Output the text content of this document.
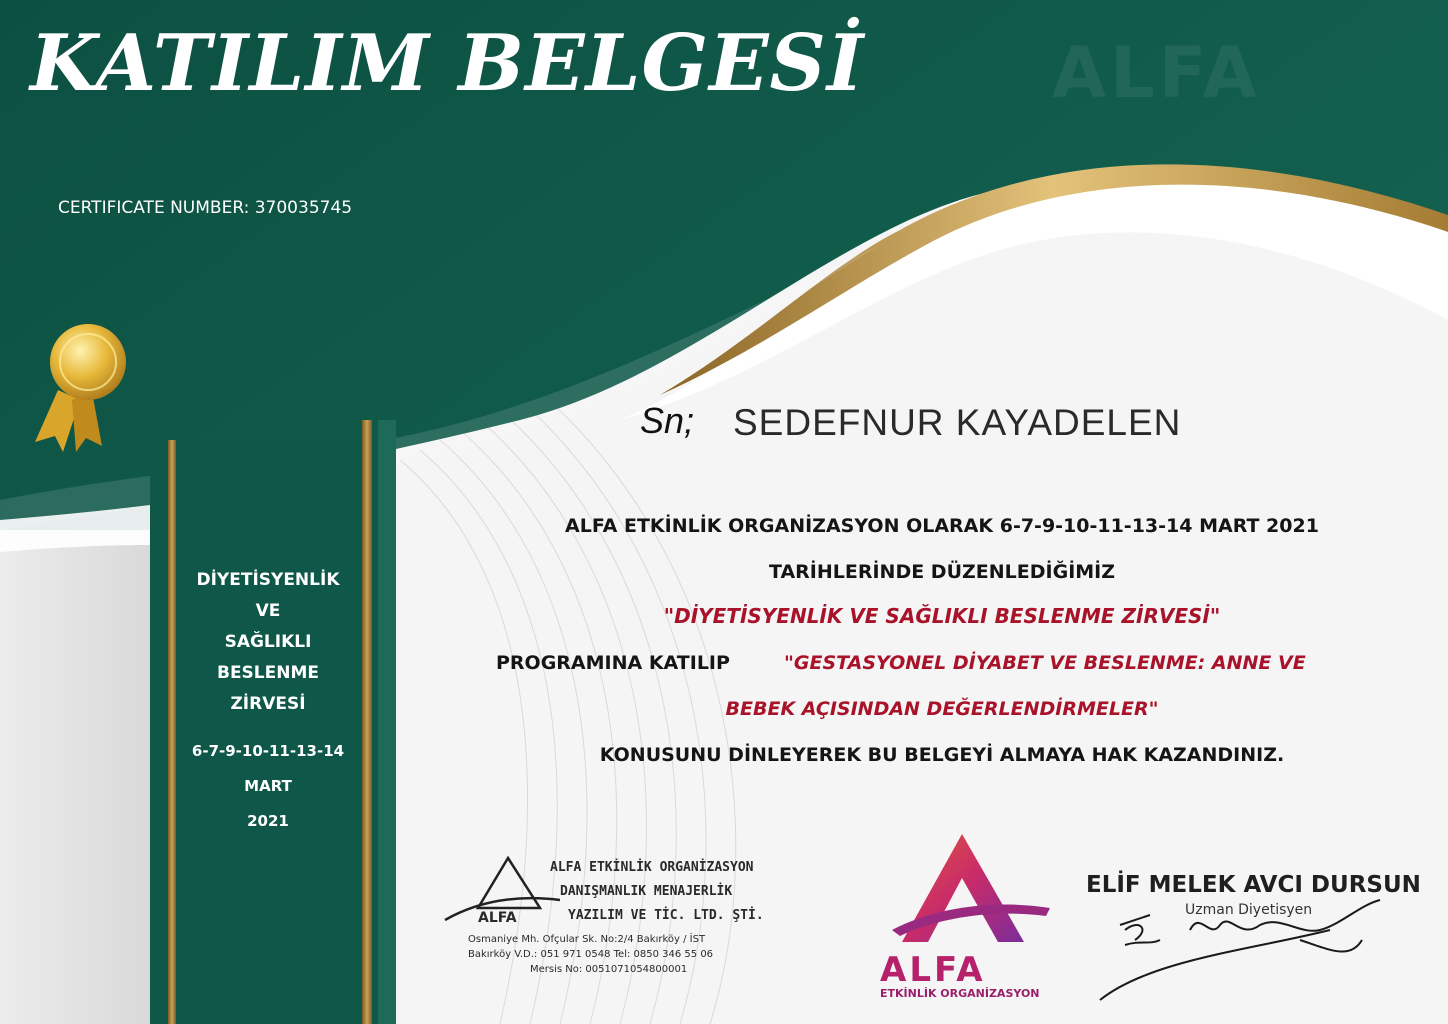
KATILIM BELGESİ	ALFA
CERTIFICATE NUMBER: 370035745
DİYETİSYENLİK
VE
SAĞLIKLI
BESLENME
ZİRVESİ
6-7-9-10-11-13-14
MART
2021
Sn; SEDEFNUR KAYADELEN
ALFA ETKİNLİK ORGANİZASYON OLARAK 6-7-9-10-11-13-14 MART 2021
TARİHLERİNDE DÜZENLEDİĞİMİZ
"DİYETİSYENLİK VE SAĞLIKLI BESLENME ZİRVESİ"
PROGRAMINA KATILIP	"GESTASYONEL DİYABET VE BESLENME: ANNE VE
BEBEK AÇISINDAN DEĞERLENDİRMELER"
KONUSUNU DİNLEYEREK BU BELGEYİ ALMAYA HAK KAZANDINIZ.
ALFA ETKİNLİK ORGANİZASYON
DANIŞMANLIK MENAJERLİK
YAZILIM VE TİC. LTD. ŞTİ.
ALFA
Osmaniye Mh. Ofçular Sk. No:2/4 Bakırköy / İST
Bakırköy V.D.: 051 971 0548 Tel: 0850 346 55 06
Mersis No: 0051071054800001	ALFA
ETKİNLİK ORGANİZASYON
ELİF MELEK AVCI DURSUN
Uzman Diyetisyen
